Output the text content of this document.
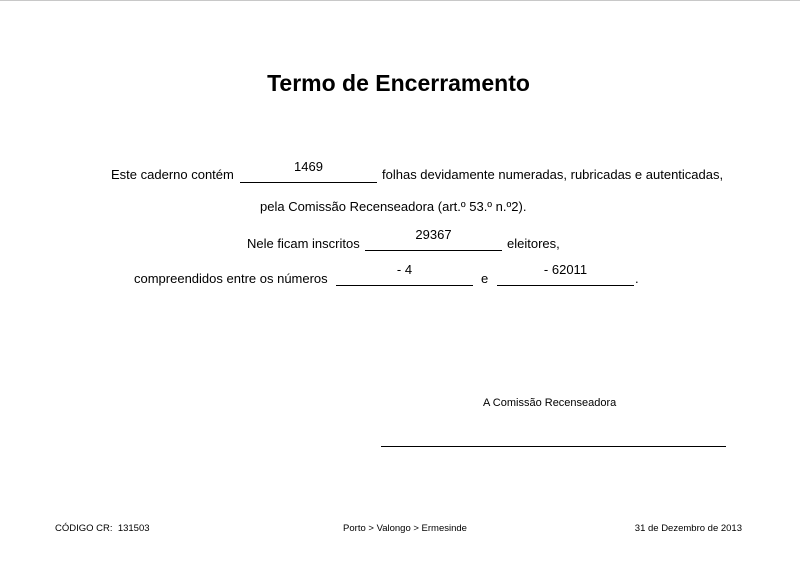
Termo de Encerramento
Este caderno contém
1469
folhas devidamente numeradas, rubricadas e autenticadas,
pela Comissão Recenseadora (art.º 53.º n.º2).
Nele ficam inscritos
29367
eleitores,
compreendidos entre os números
- 4
e
- 62011
.
A Comissão Recenseadora
CÓDIGO CR: 131503	Porto > Valongo > Ermesinde	31 de Dezembro de 2013
